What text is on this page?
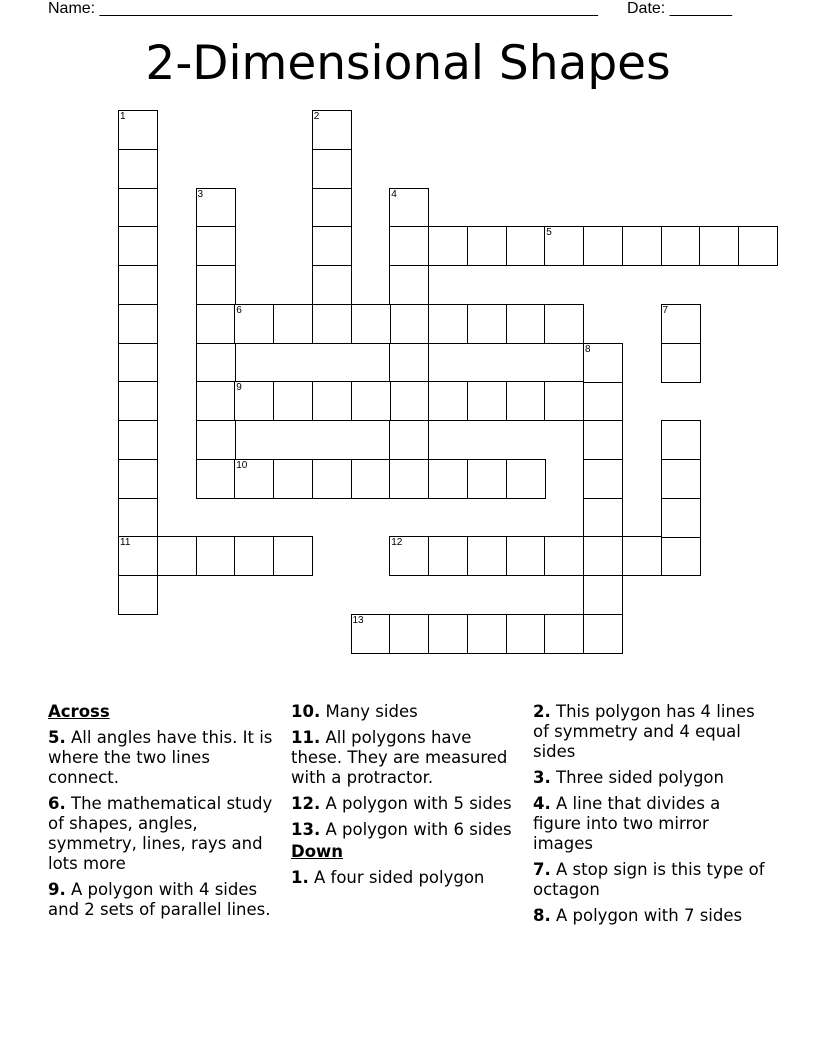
Name: ________________________________________________________ Date: _______
2-Dimensional Shapes
1
11
3
2
4
5
6
9
10
8
12
7
13
Across
5. All angles have this. It is where the two lines connect.
6. The mathematical study of shapes, angles, symmetry, lines, rays and lots more
9. A polygon with 4 sides and 2 sets of parallel lines.
10. Many sides
11. All polygons have these. They are measured with a protractor.
12. A polygon with 5 sides
13. A polygon with 6 sides
Down
1. A four sided polygon
2. This polygon has 4 lines of symmetry and 4 equal sides
3. Three sided polygon
4. A line that divides a figure into two mirror images
7. A stop sign is this type of octagon
8. A polygon with 7 sides
